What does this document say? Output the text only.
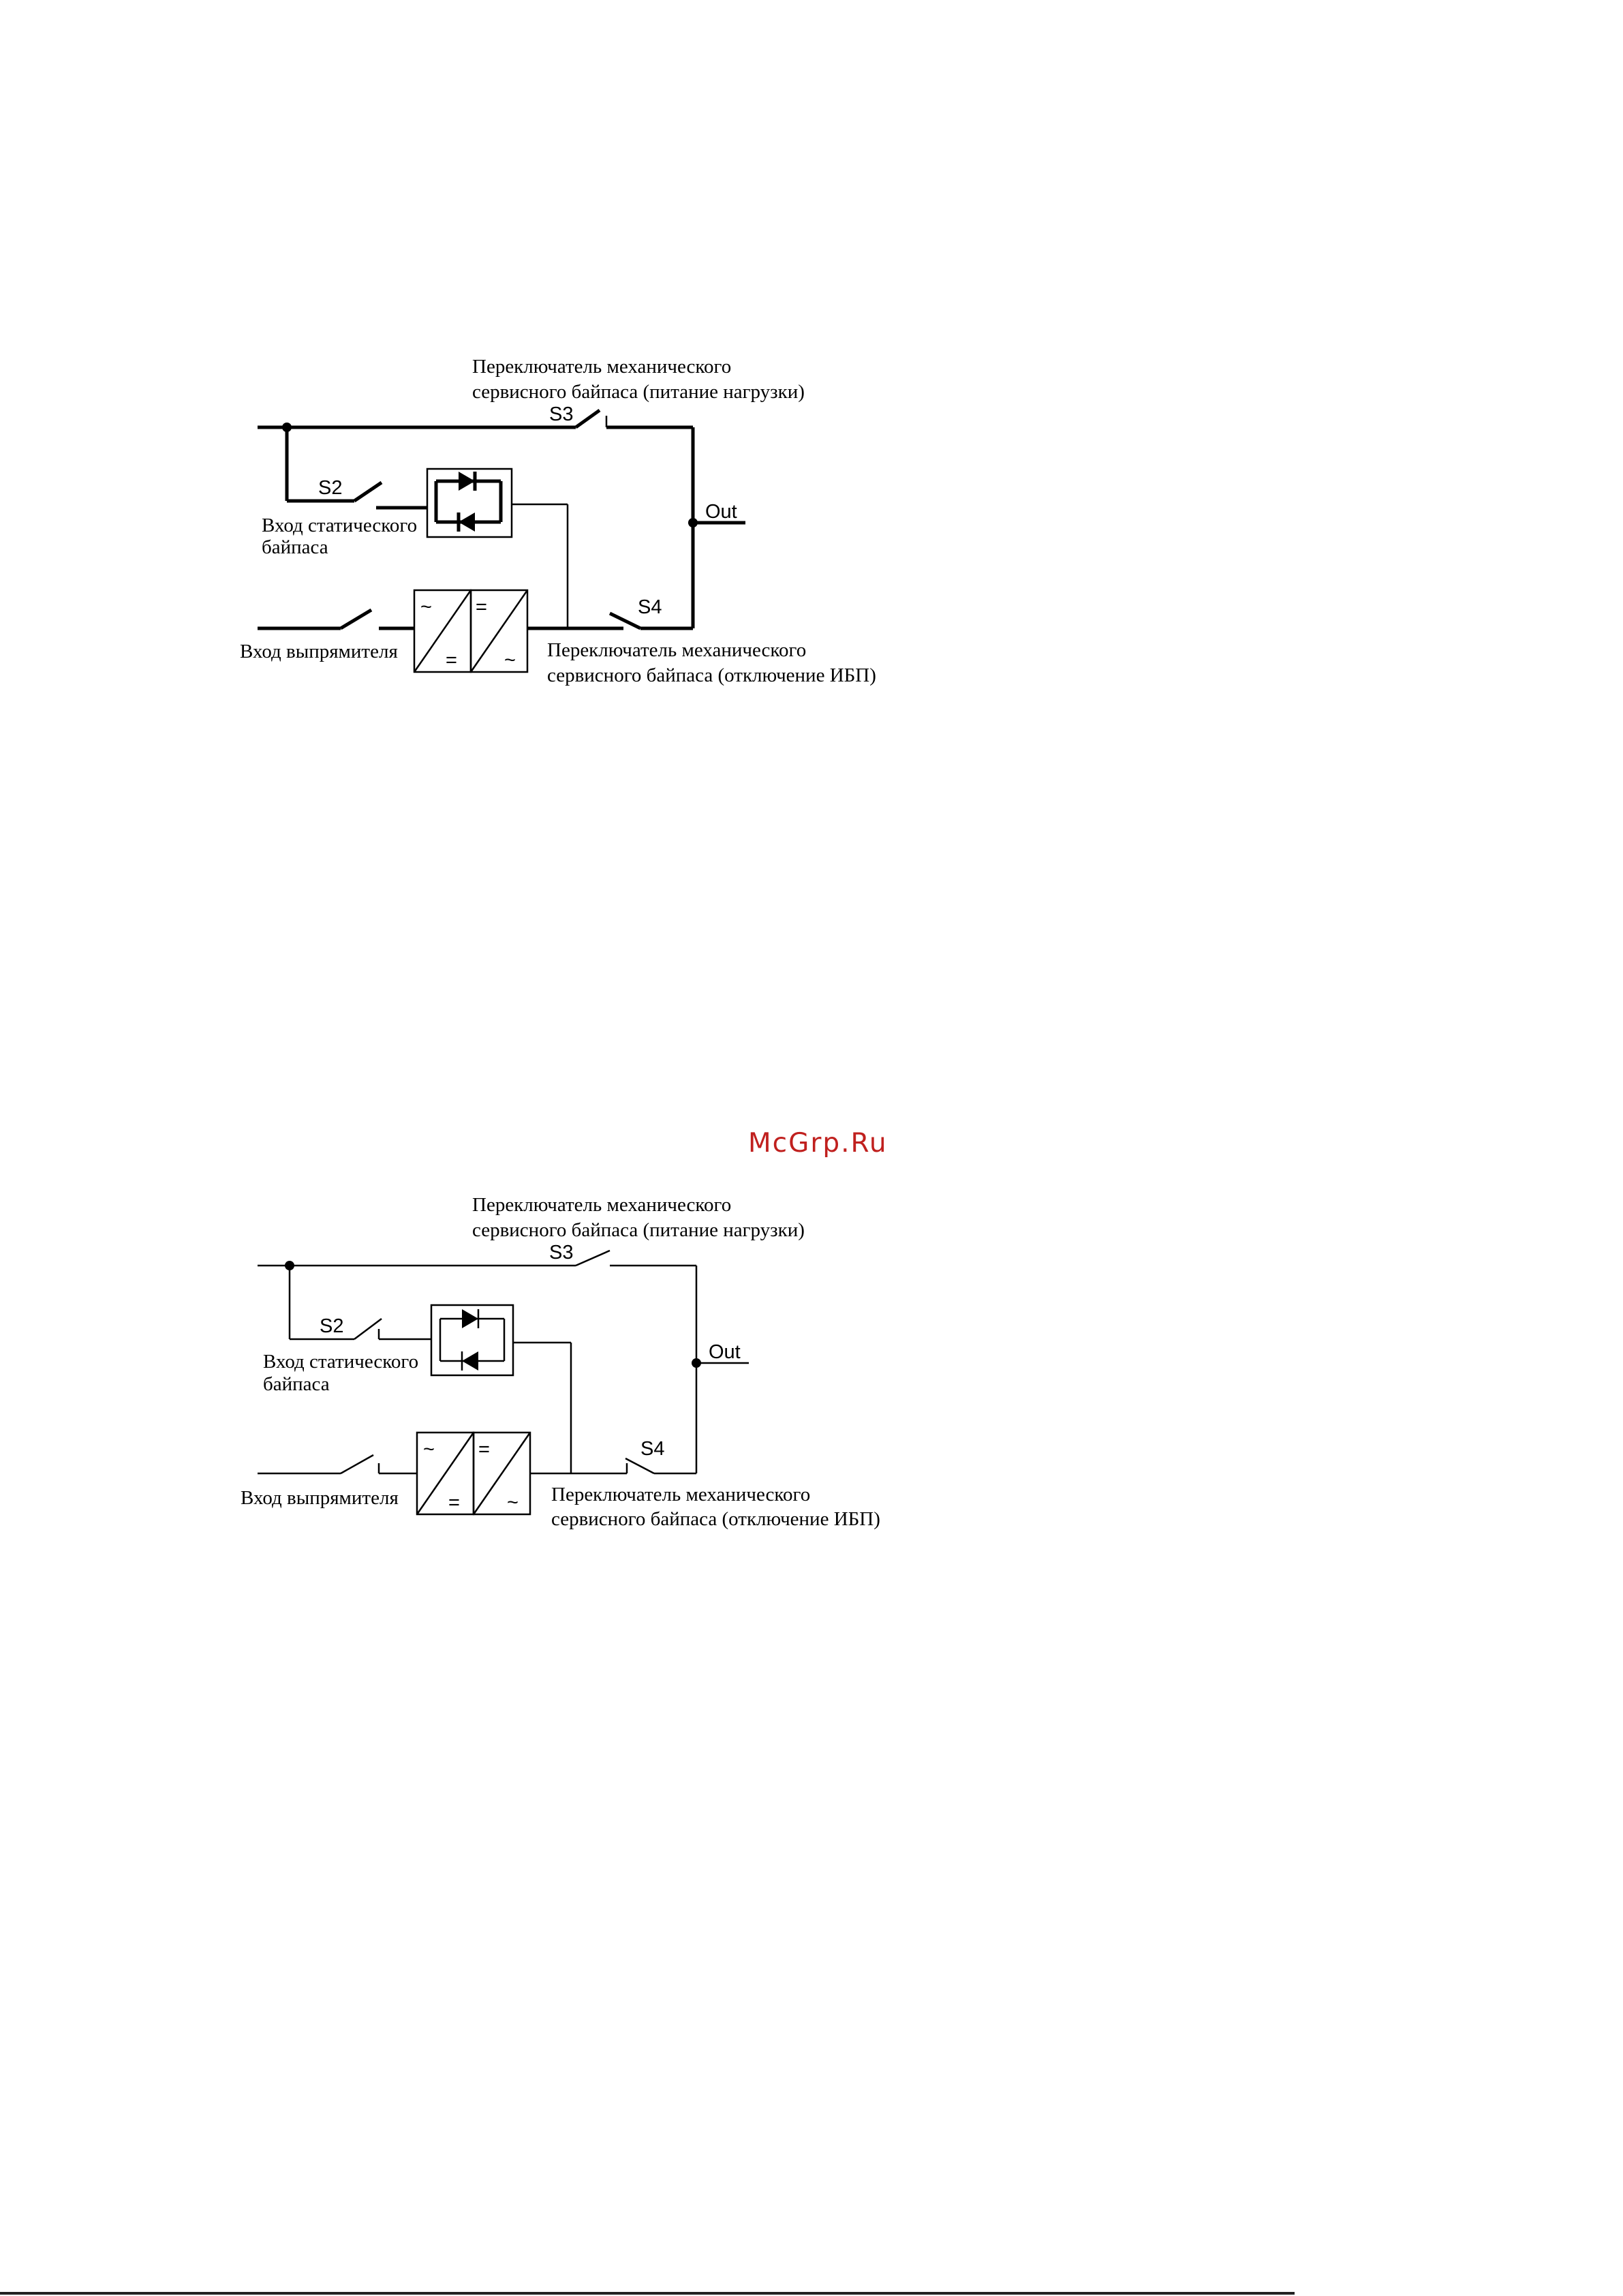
Переключатель механического
сервисного байпаса (питание нагрузки)
S3
S2
Вход статического
байпаса
Out
Вход выпрямителя
~
=
=
~
S4
Переключатель механического
сервисного байпаса (отключение ИБП)
McGrp.Ru
Переключатель механического
сервисного байпаса (питание нагрузки)
S3
S2
Вход статического
байпаса
Out
Вход выпрямителя
~
=
=
~
S4
Переключатель механического
сервисного байпаса (отключение ИБП)
